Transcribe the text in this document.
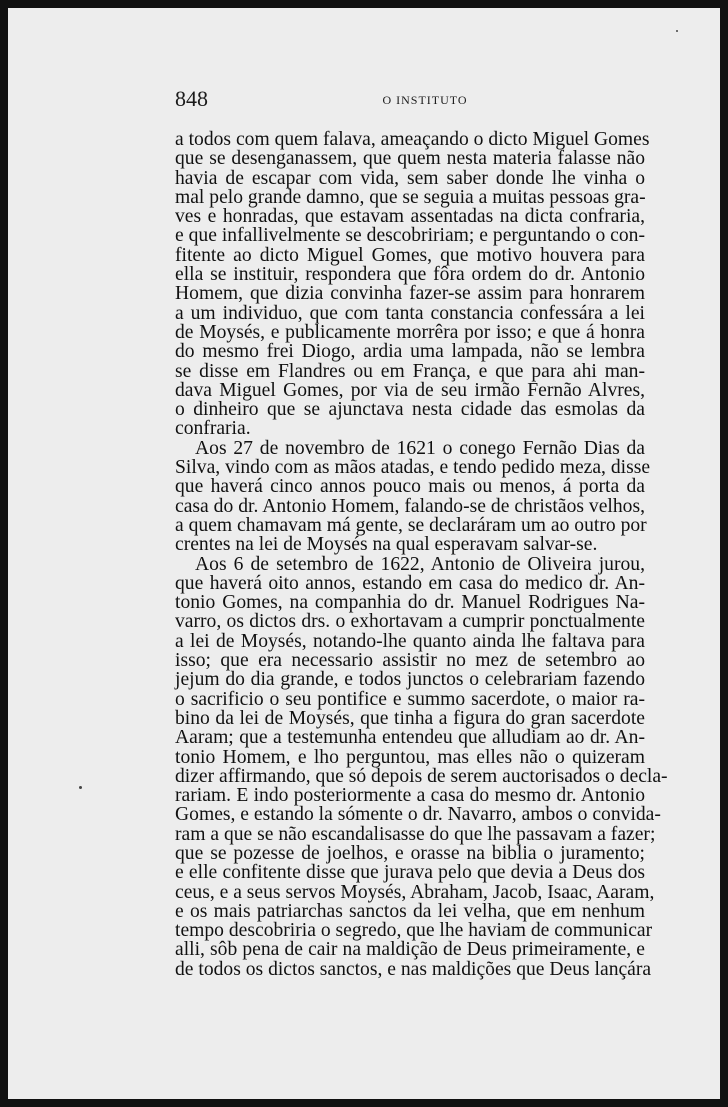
848	O INSTITUTO
a todos com quem falava, ameaçando o dicto Miguel Gomes
que se desenganassem, que quem nesta materia falasse não
havia de escapar com vida, sem saber donde lhe vinha o
mal pelo grande damno, que se seguia a muitas pessoas gra-
ves e honradas, que estavam assentadas na dicta confraria,
e que infallivelmente se descobririam; e perguntando o con-
fitente ao dicto Miguel Gomes, que motivo houvera para
ella se instituir, respondera que fôra ordem do dr. Antonio
Homem, que dizia convinha fazer-se assim para honrarem
a um individuo, que com tanta constancia confessára a lei
de Moysés, e publicamente morrêra por isso; e que á honra
do mesmo frei Diogo, ardia uma lampada, não se lembra
se disse em Flandres ou em França, e que para ahi man-
dava Miguel Gomes, por via de seu irmão Fernão Alvres,
o dinheiro que se ajunctava nesta cidade das esmolas da
confraria.
Aos 27 de novembro de 1621 o conego Fernão Dias da
Silva, vindo com as mãos atadas, e tendo pedido meza, disse
que haverá cinco annos pouco mais ou menos, á porta da
casa do dr. Antonio Homem, falando-se de christãos velhos,
a quem chamavam má gente, se declaráram um ao outro por
crentes na lei de Moysés na qual esperavam salvar-se.
Aos 6 de setembro de 1622, Antonio de Oliveira jurou,
que haverá oito annos, estando em casa do medico dr. An-
tonio Gomes, na companhia do dr. Manuel Rodrigues Na-
varro, os dictos drs. o exhortavam a cumprir ponctualmente
a lei de Moysés, notando-lhe quanto ainda lhe faltava para
isso; que era necessario assistir no mez de setembro ao
jejum do dia grande, e todos junctos o celebrariam fazendo
o sacrificio o seu pontifice e summo sacerdote, o maior ra-
bino da lei de Moysés, que tinha a figura do gran sacerdote
Aaram; que a testemunha entendeu que alludiam ao dr. An-
tonio Homem, e lho perguntou, mas elles não o quizeram
dizer affirmando, que só depois de serem auctorisados o decla-
rariam. E indo posteriormente a casa do mesmo dr. Antonio
Gomes, e estando la sómente o dr. Navarro, ambos o convida-
ram a que se não escandalisasse do que lhe passavam a fazer;
que se pozesse de joelhos, e orasse na biblia o juramento;
e elle confitente disse que jurava pelo que devia a Deus dos
ceus, e a seus servos Moysés, Abraham, Jacob, Isaac, Aaram,
e os mais patriarchas sanctos da lei velha, que em nenhum
tempo descobriria o segredo, que lhe haviam de communicar
alli, sôb pena de cair na maldição de Deus primeiramente, e
de todos os dictos sanctos, e nas maldições que Deus lançára
